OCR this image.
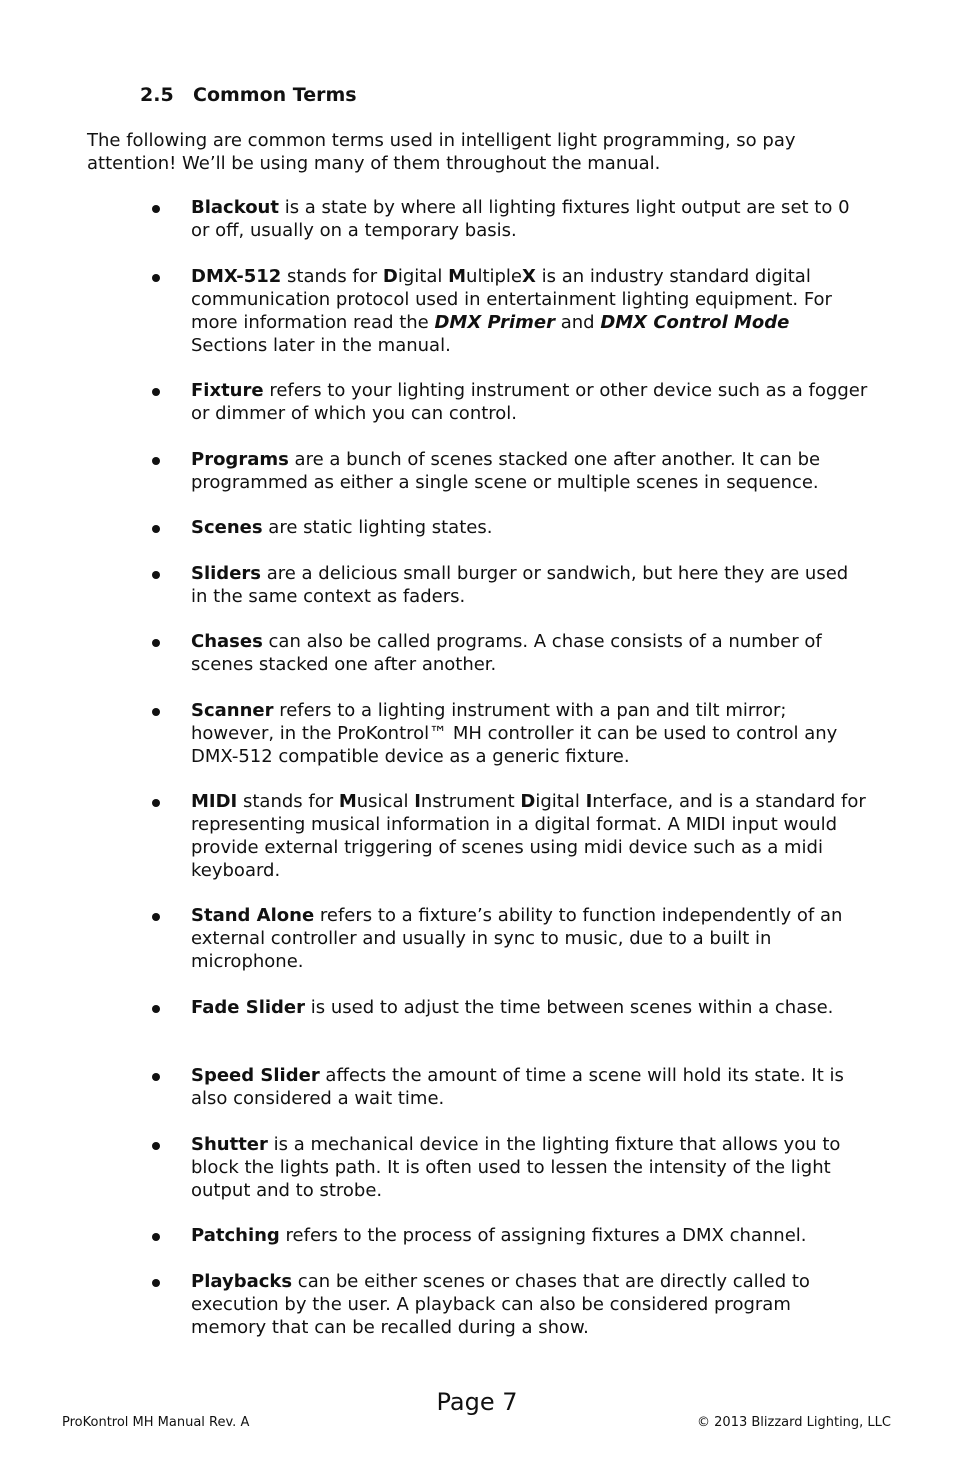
2.5 Common Terms

The following are common terms used in intelligent light programming, so pay attention! We’ll be using many of them throughout the manual.

Blackout is a state by where all lighting fixtures light output are set to 0 or off, usually on a temporary basis.

DMX-512 stands for Digital MultipleX is an industry standard digital communication protocol used in entertainment lighting equipment. For more information read the DMX Primer and DMX Control Mode Sections later in the manual.

Fixture refers to your lighting instrument or other device such as a fogger or dimmer of which you can control.

Programs are a bunch of scenes stacked one after another. It can be programmed as either a single scene or multiple scenes in sequence.

Scenes are static lighting states.

Sliders are a delicious small burger or sandwich, but here they are used in the same context as faders.

Chases can also be called programs. A chase consists of a number of scenes stacked one after another.

Scanner refers to a lighting instrument with a pan and tilt mirror; however, in the ProKontrol™ MH controller it can be used to control any DMX-512 compatible device as a generic fixture.

MIDI stands for Musical Instrument Digital Interface, and is a standard for representing musical information in a digital format. A MIDI input would provide external triggering of scenes using midi device such as a midi keyboard.

Stand Alone refers to a fixture’s ability to function independently of an external controller and usually in sync to music, due to a built in microphone.

Fade Slider is used to adjust the time between scenes within a chase.

Speed Slider affects the amount of time a scene will hold its state. It is also considered a wait time.

Shutter is a mechanical device in the lighting fixture that allows you to block the lights path. It is often used to lessen the intensity of the light output and to strobe.

Patching refers to the process of assigning fixtures a DMX channel.

Playbacks can be either scenes or chases that are directly called to execution by the user. A playback can also be considered program memory that can be recalled during a show.

Page 7
ProKontrol MH Manual Rev. A	© 2013 Blizzard Lighting, LLC
